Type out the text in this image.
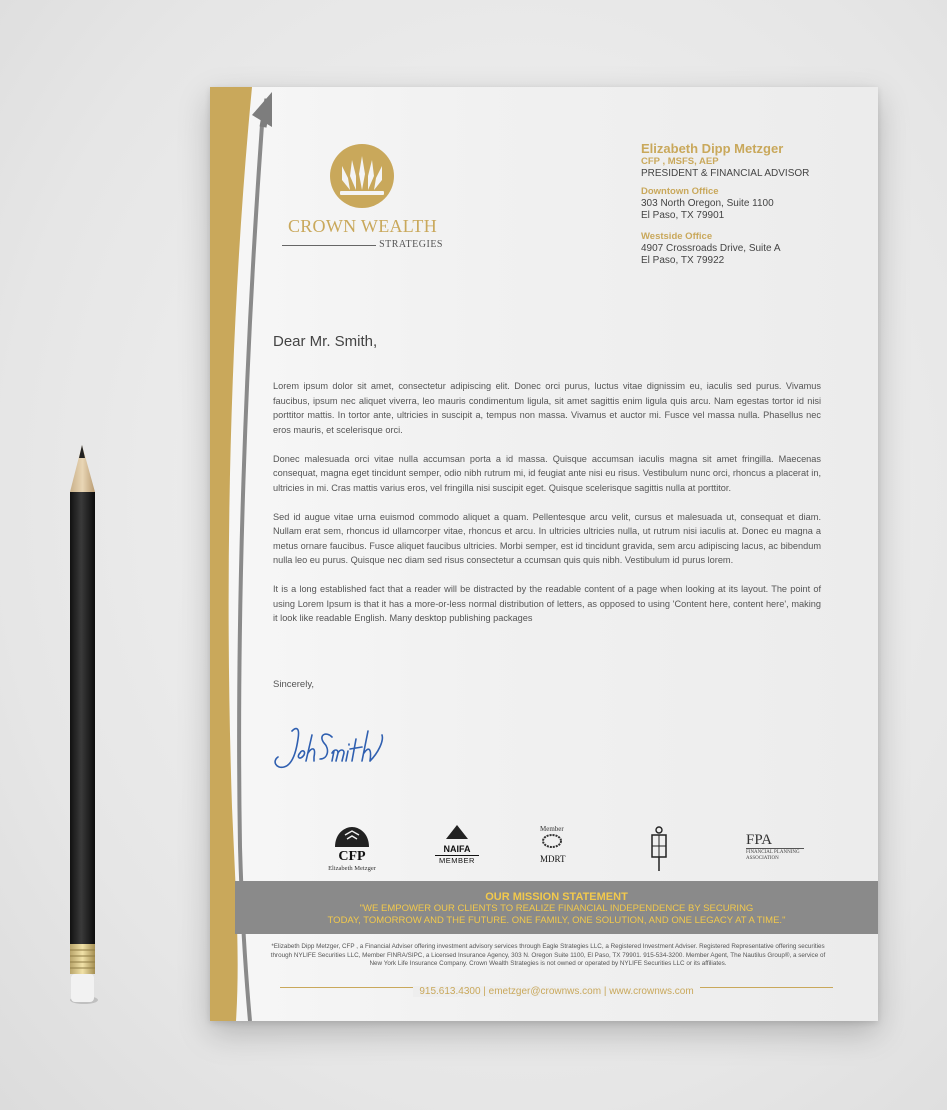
CROWN WEALTH
STRATEGIES
Elizabeth Dipp Metzger
CFP , MSFS, AEP
PRESIDENT & FINANCIAL ADVISOR
Downtown Office
303 North Oregon, Suite 1100
El Paso, TX 79901
Westside Office
4907 Crossroads Drive, Suite A
El Paso, TX 79922
Dear Mr. Smith,

Lorem ipsum dolor sit amet, consectetur adipiscing elit. Donec orci purus, luctus vitae dignissim eu, iaculis sed purus. Vivamus faucibus, ipsum nec aliquet viverra, leo mauris condimentum ligula, sit amet sagittis enim ligula quis arcu. Nam egestas tortor id nisi porttitor mattis. In tortor ante, ultricies in suscipit a, tempus non massa. Vivamus et auctor mi. Fusce vel massa nulla. Phasellus nec eros mauris, et scelerisque orci.

Donec malesuada orci vitae nulla accumsan porta a id massa. Quisque accumsan iaculis magna sit amet fringilla. Maecenas consequat, magna eget tincidunt semper, odio nibh rutrum mi, id feugiat ante nisi eu risus. Vestibulum nunc orci, rhoncus a placerat in, ultricies in mi. Cras mattis varius eros, vel fringilla nisi suscipit eget. Quisque scelerisque sagittis nulla at porttitor.

Sed id augue vitae urna euismod commodo aliquet a quam. Pellentesque arcu velit, cursus et malesuada ut, consequat et diam. Nullam erat sem, rhoncus id ullamcorper vitae, rhoncus et arcu. In ultricies ultricies nulla, ut rutrum nisi iaculis at. Donec eu magna a metus ornare faucibus. Fusce aliquet faucibus ultricies. Morbi semper, est id tincidunt gravida, sem arcu adipiscing lacus, ac bibendum nulla leo eu purus. Quisque nec diam sed risus consectetur a ccumsan quis quis nibh. Vestibulum id purus lorem.

It is a long established fact that a reader will be distracted by the readable content of a page when looking at its layout. The point of using Lorem Ipsum is that it has a more-or-less normal distribution of letters, as opposed to using 'Content here, content here', making it look like readable English. Many desktop publishing packages

Sincerely,
CFP
Elizabeth Metzger
NAIFA
MEMBER
Member
MDRT
FPA
FINANCIAL PLANNING ASSOCIATION
OUR MISSION STATEMENT
"WE EMPOWER OUR CLIENTS TO REALIZE FINANCIAL INDEPENDENCE BY SECURING
TODAY, TOMORROW AND THE FUTURE. ONE FAMILY, ONE SOLUTION, AND ONE LEGACY AT A TIME."
*Elizabeth Dipp Metzger, CFP , a Financial Adviser offering investment advisory services through Eagle Strategies LLC, a Registered Investment Adviser. Registered Representative offering securities through NYLIFE Securities LLC, Member FINRA/SIPC, a Licensed Insurance Agency, 303 N. Oregon Suite 1100, El Paso, TX 79901. 915-534-3200. Member Agent, The Nautilus Group®, a service of New York Life Insurance Company. Crown Wealth Strategies is not owned or operated by NYLIFE Securities LLC or its affiliates.
915.613.4300 | emetzger@crownws.com | www.crownws.com
